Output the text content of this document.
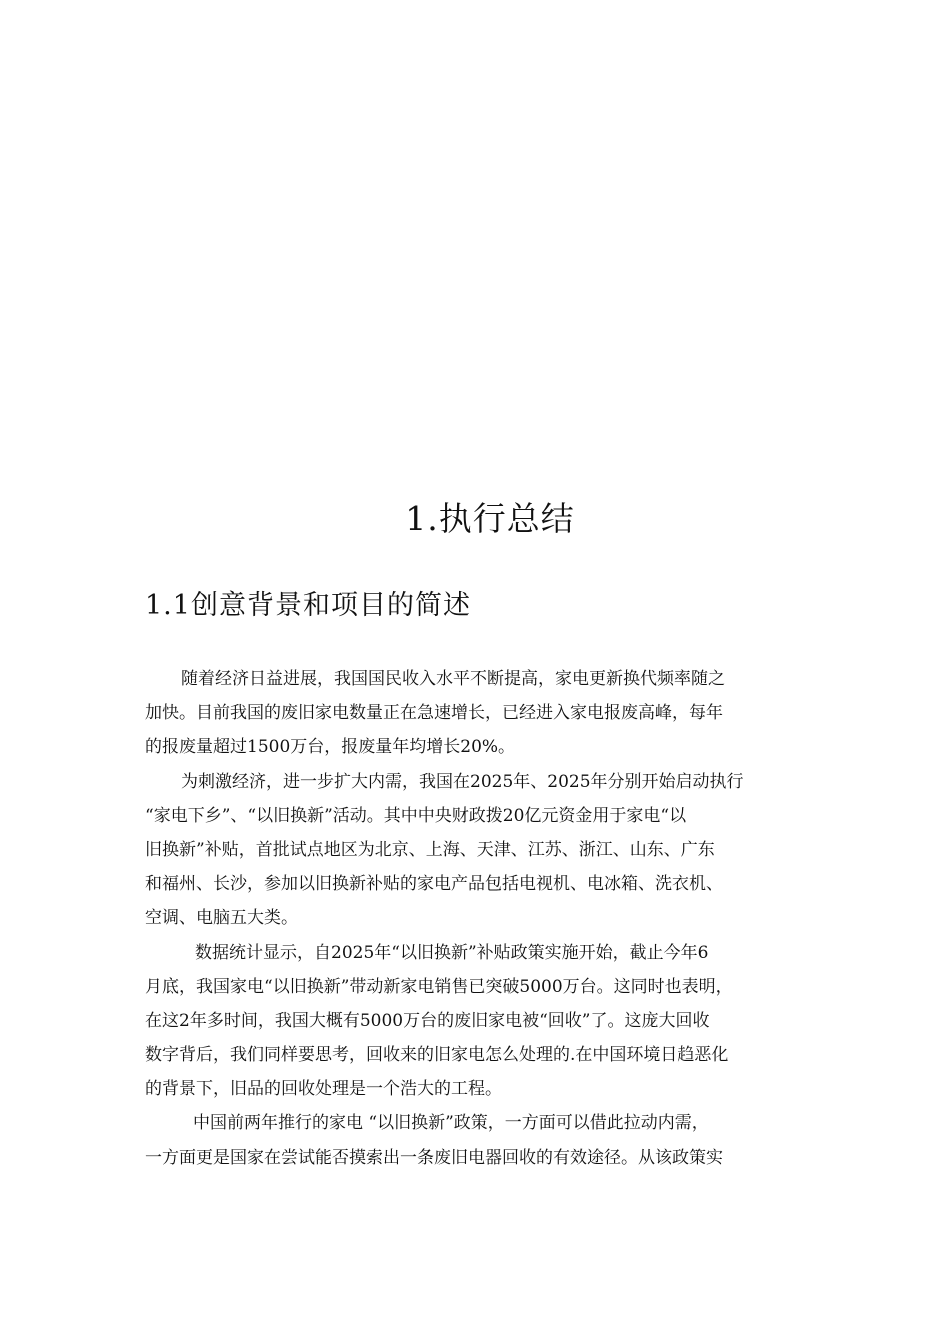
1.执行总结
1.1创意背景和项目的简述
随着经济日益进展，我国国民收入水平不断提高，家电更新换代频率随之
加快。目前我国的废旧家电数量正在急速增长，已经进入家电报废高峰，每年
的报废量超过1500万台，报废量年均增长20%。
为刺激经济，进一步扩大内需，我国在2025年、2025年分别开始启动执行
“家电下乡”、“以旧换新”活动。其中中央财政拨20亿元资金用于家电“以
旧换新”补贴，首批试点地区为北京、上海、天津、江苏、浙江、山东、广东
和福州、长沙，参加以旧换新补贴的家电产品包括电视机、电冰箱、洗衣机、
空调、电脑五大类。
数据统计显示，自2025年“以旧换新”补贴政策实施开始，截止今年6
月底，我国家电“以旧换新”带动新家电销售已突破5000万台。这同时也表明，
在这2年多时间，我国大概有5000万台的废旧家电被“回收”了。这庞大回收
数字背后，我们同样要思考，回收来的旧家电怎么处理的.在中国环境日趋恶化
的背景下，旧品的回收处理是一个浩大的工程。
中国前两年推行的家电 “以旧换新”政策，一方面可以借此拉动内需，
一方面更是国家在尝试能否摸索出一条废旧电器回收的有效途径。从该政策实
